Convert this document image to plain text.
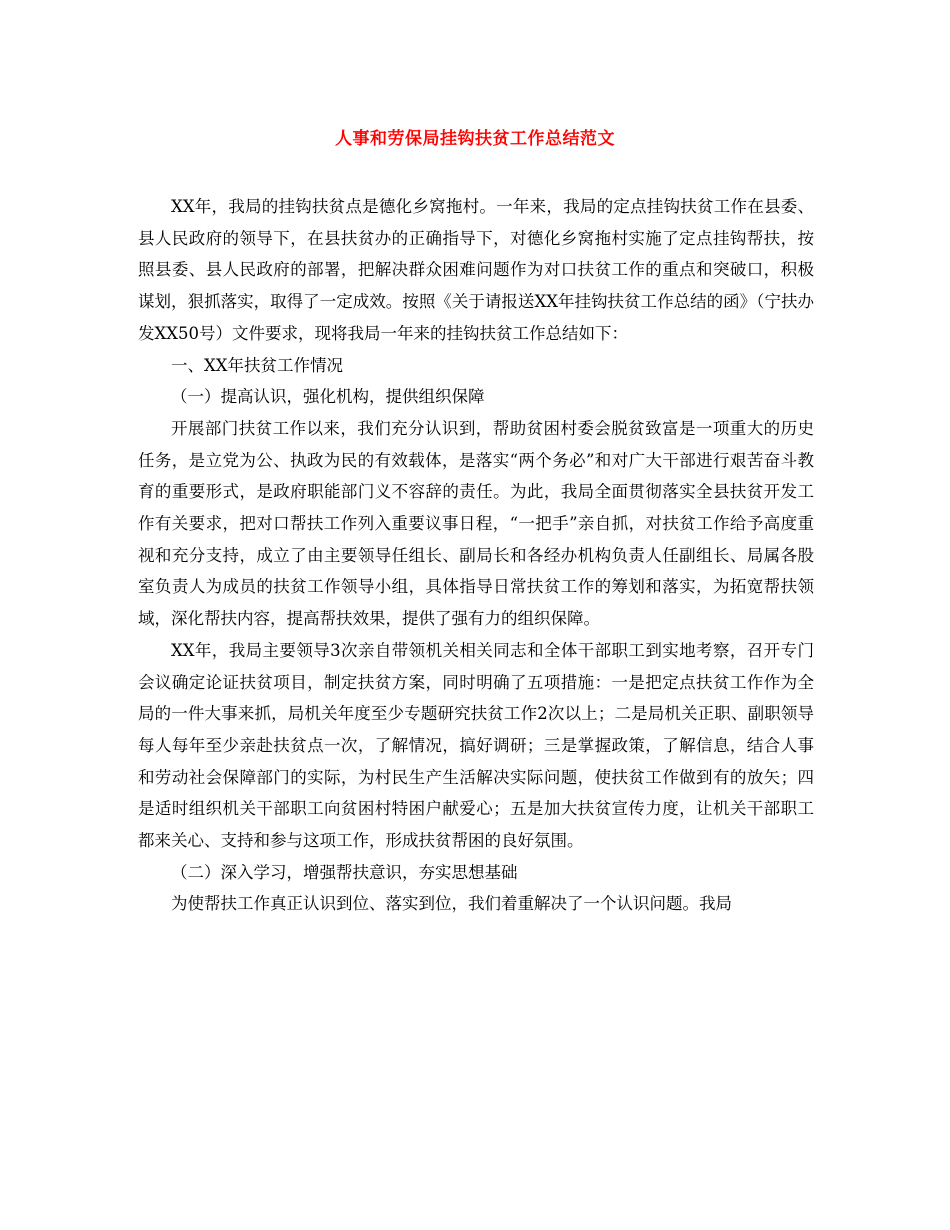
人事和劳保局挂钩扶贫工作总结范文

XX年，我局的挂钩扶贫点是德化乡窝拖村。一年来，我局的定点挂钩扶贫工作在县委、县人民政府的领导下，在县扶贫办的正确指导下，对德化乡窝拖村实施了定点挂钩帮扶，按照县委、县人民政府的部署，把解决群众困难问题作为对口扶贫工作的重点和突破口，积极谋划，狠抓落实，取得了一定成效。按照《关于请报送XX年挂钩扶贫工作总结的函》（宁扶办发XX50号）文件要求，现将我局一年来的挂钩扶贫工作总结如下：

一、XX年扶贫工作情况

（一）提高认识，强化机构，提供组织保障

开展部门扶贫工作以来，我们充分认识到，帮助贫困村委会脱贫致富是一项重大的历史任务，是立党为公、执政为民的有效载体，是落实“两个务必”和对广大干部进行艰苦奋斗教育的重要形式，是政府职能部门义不容辞的责任。为此，我局全面贯彻落实全县扶贫开发工作有关要求，把对口帮扶工作列入重要议事日程，“一把手”亲自抓，对扶贫工作给予高度重视和充分支持，成立了由主要领导任组长、副局长和各经办机构负责人任副组长、局属各股室负责人为成员的扶贫工作领导小组，具体指导日常扶贫工作的筹划和落实，为拓宽帮扶领域，深化帮扶内容，提高帮扶效果，提供了强有力的组织保障。

XX年，我局主要领导3次亲自带领机关相关同志和全体干部职工到实地考察，召开专门会议确定论证扶贫项目，制定扶贫方案，同时明确了五项措施：一是把定点扶贫工作作为全局的一件大事来抓，局机关年度至少专题研究扶贫工作2次以上；二是局机关正职、副职领导每人每年至少亲赴扶贫点一次，了解情况，搞好调研；三是掌握政策，了解信息，结合人事和劳动社会保障部门的实际，为村民生产生活解决实际问题，使扶贫工作做到有的放矢；四是适时组织机关干部职工向贫困村特困户献爱心；五是加大扶贫宣传力度，让机关干部职工都来关心、支持和参与这项工作，形成扶贫帮困的良好氛围。

（二）深入学习，增强帮扶意识，夯实思想基础

为使帮扶工作真正认识到位、落实到位，我们着重解决了一个认识问题。我局
